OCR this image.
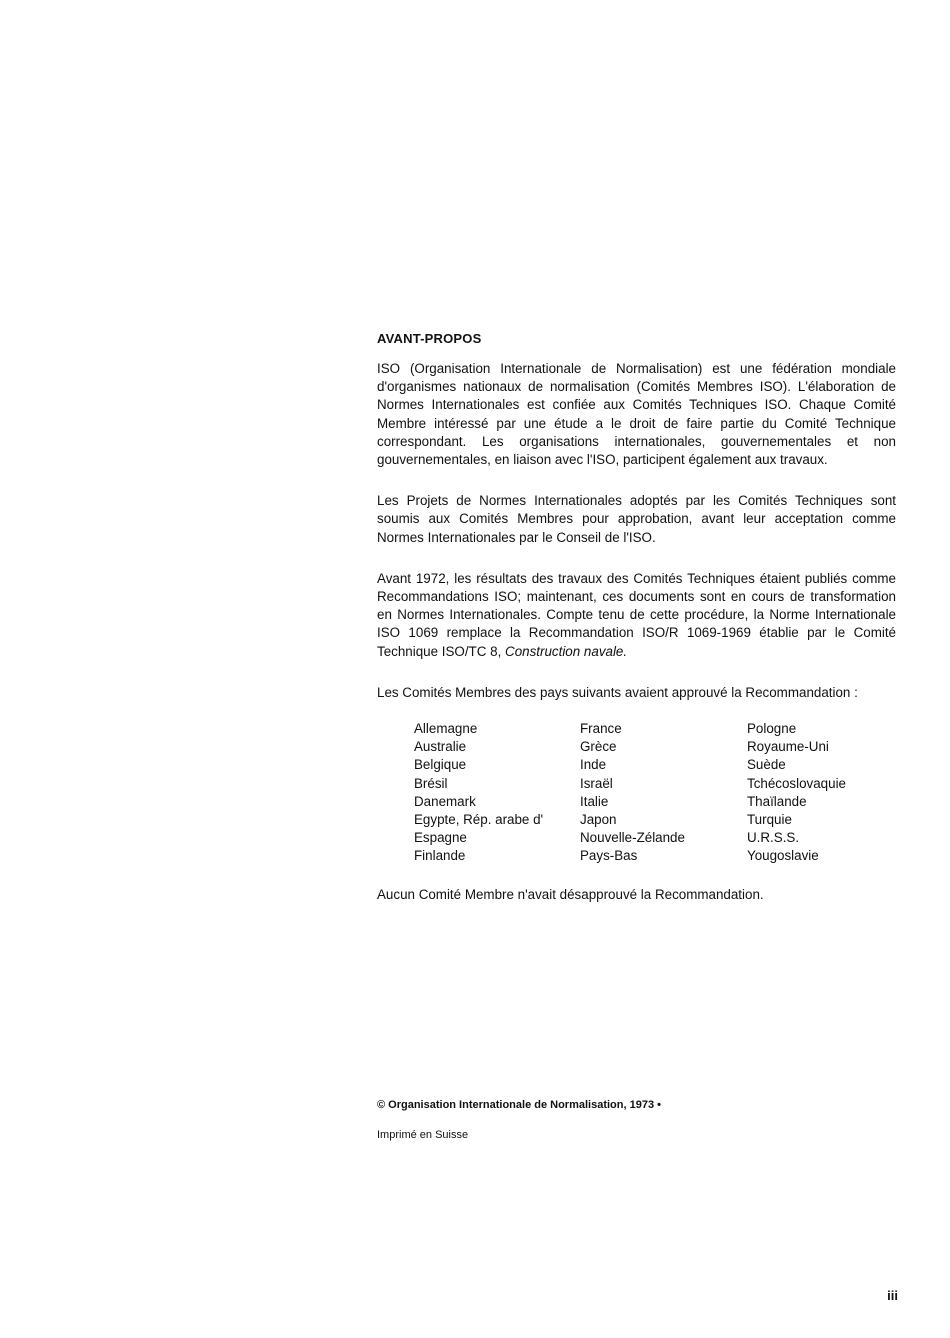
AVANT-PROPOS

ISO (Organisation Internationale de Normalisation) est une fédération mondiale d'organismes nationaux de normalisation (Comités Membres ISO). L'élaboration de Normes Internationales est confiée aux Comités Techniques ISO. Chaque Comité Membre intéressé par une étude a le droit de faire partie du Comité Technique correspondant. Les organisations internationales, gouvernementales et non gouvernementales, en liaison avec l'ISO, participent également aux travaux.

Les Projets de Normes Internationales adoptés par les Comités Techniques sont soumis aux Comités Membres pour approbation, avant leur acceptation comme Normes Internationales par le Conseil de l'ISO.

Avant 1972, les résultats des travaux des Comités Techniques étaient publiés comme Recommandations ISO; maintenant, ces documents sont en cours de transformation en Normes Internationales. Compte tenu de cette procédure, la Norme Internationale ISO 1069 remplace la Recommandation ISO/R 1069-1969 établie par le Comité Technique ISO/TC 8, Construction navale.

Les Comités Membres des pays suivants avaient approuvé la Recommandation :

Allemagne
Australie
Belgique
Brésil
Danemark
Egypte, Rép. arabe d'
Espagne
Finlande
France
Grèce
Inde
Israël
Italie
Japon
Nouvelle-Zélande
Pays-Bas
Pologne
Royaume-Uni
Suède
Tchécoslovaquie
Thaïlande
Turquie
U.R.S.S.
Yougoslavie

Aucun Comité Membre n'avait désapprouvé la Recommandation.

© Organisation Internationale de Normalisation, 1973 •
Imprimé en Suisse
iii
